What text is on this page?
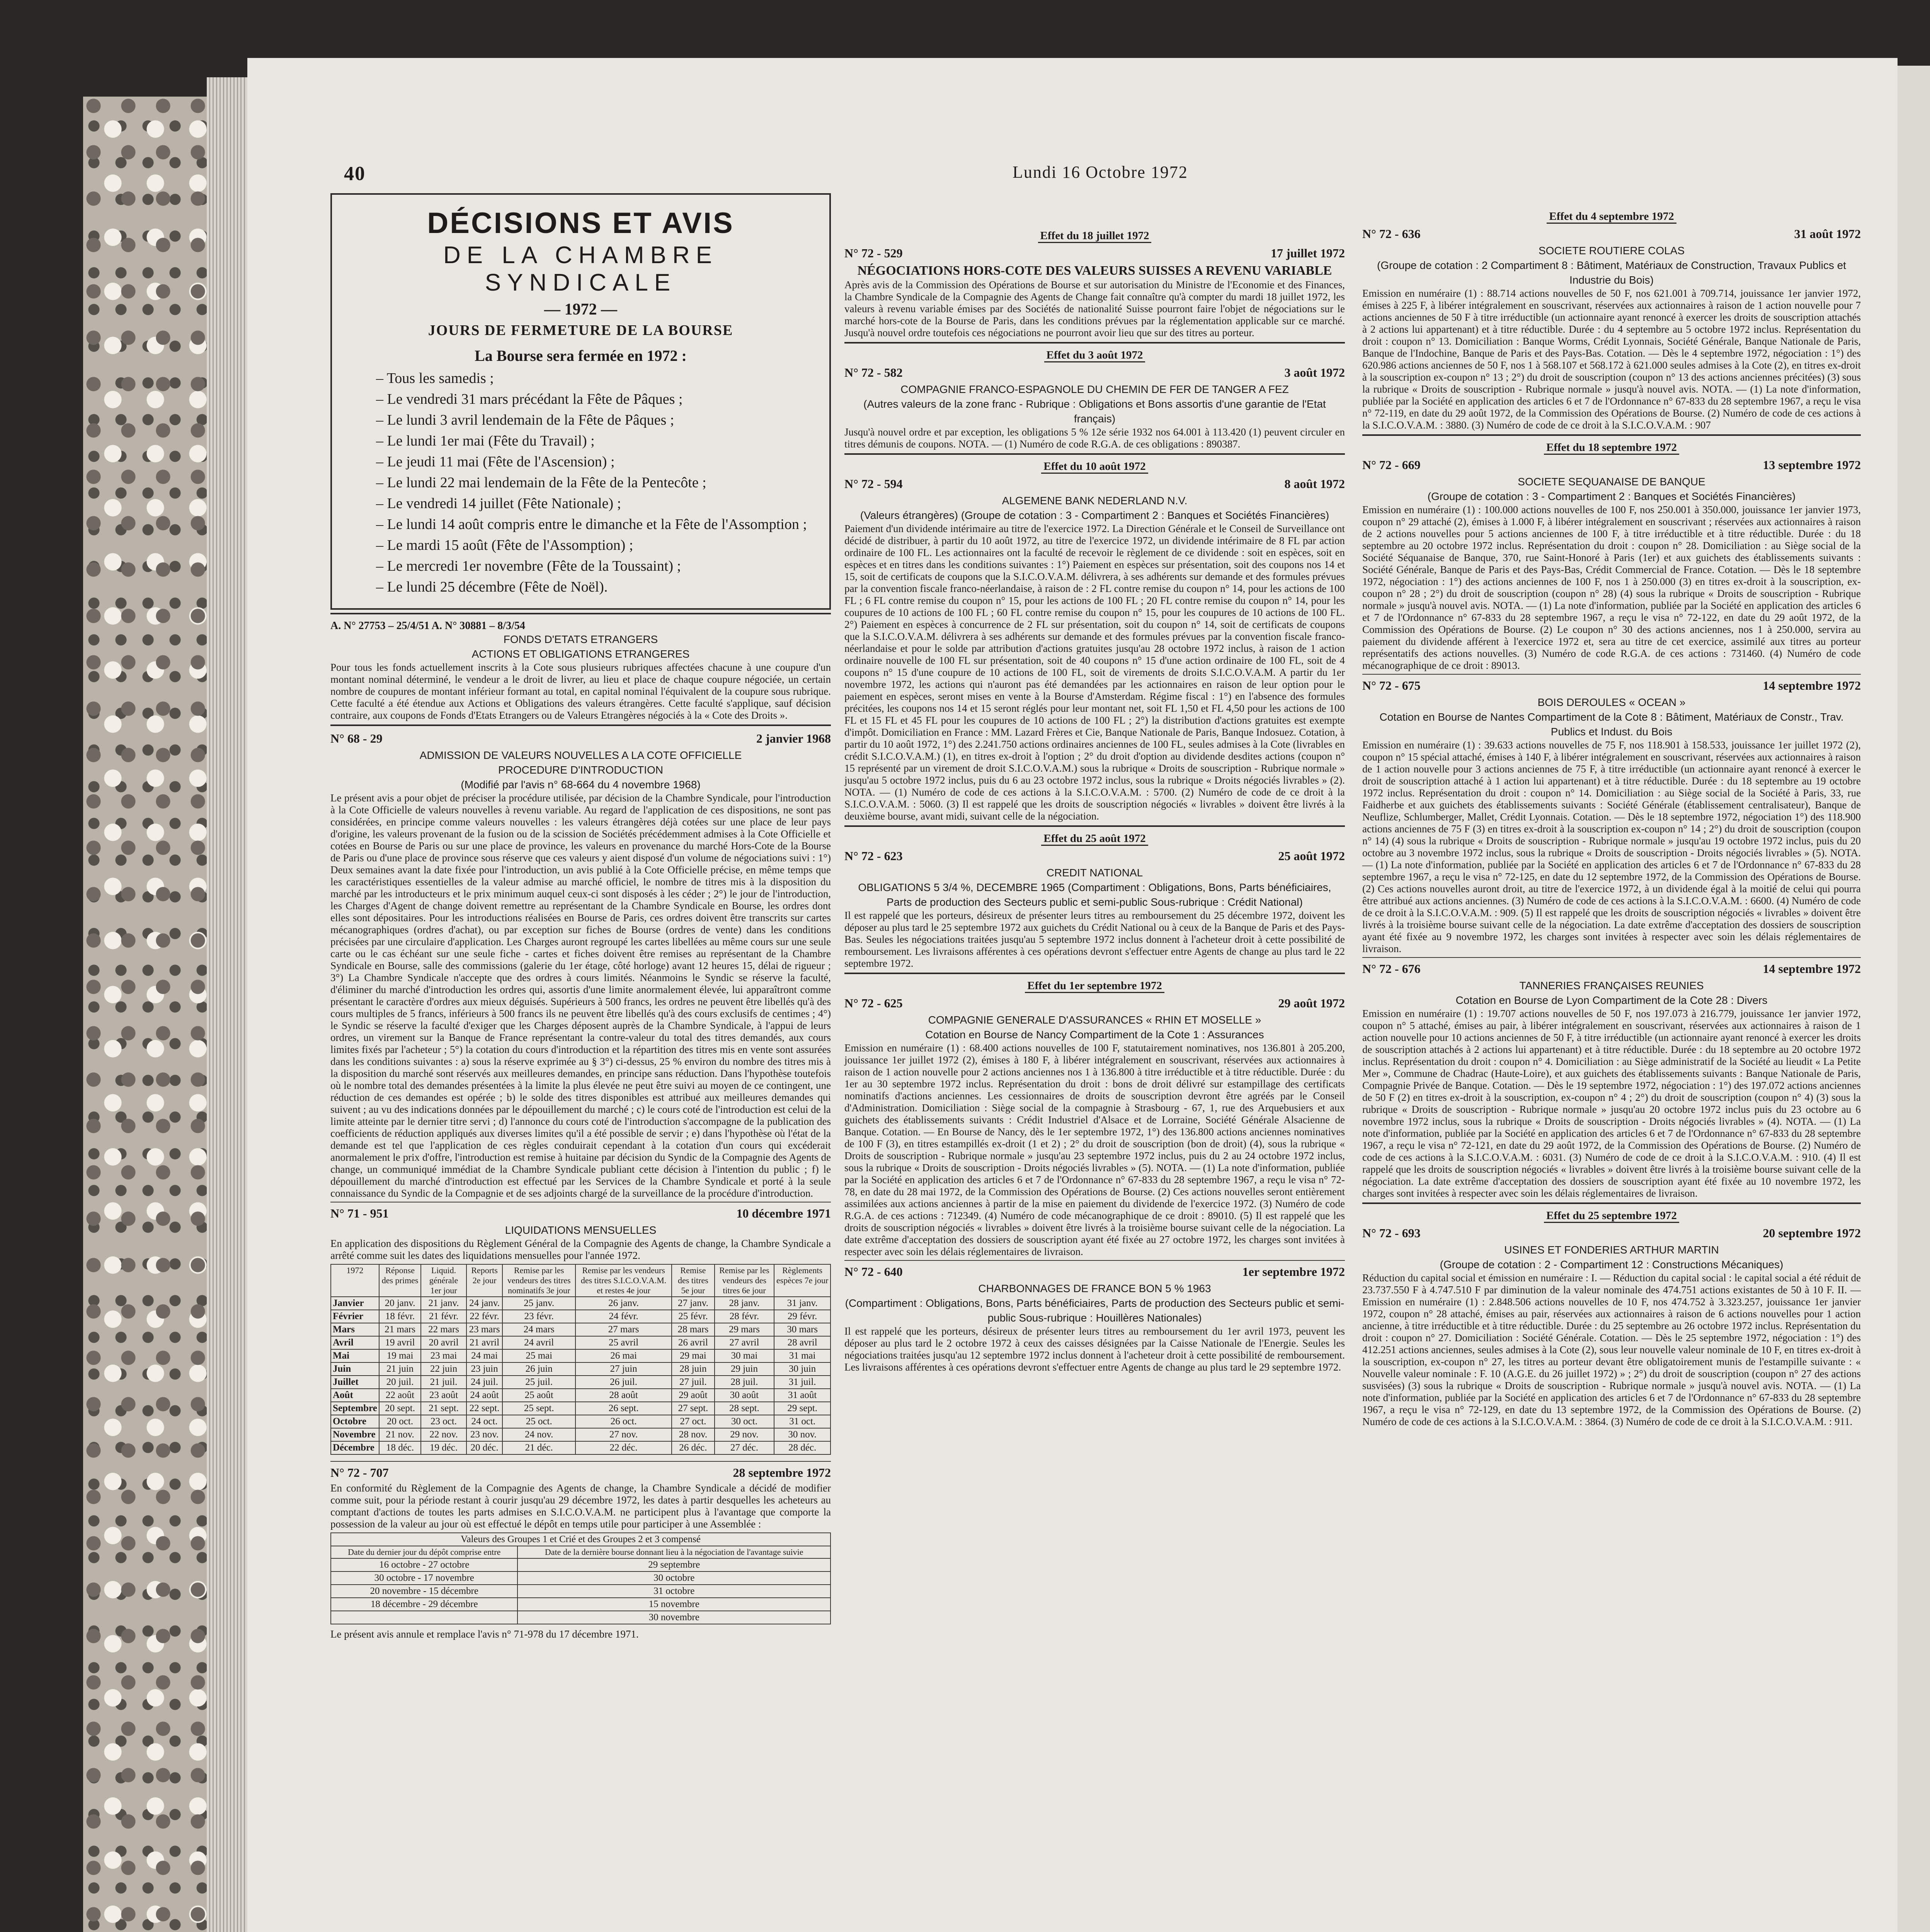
40	Lundi 16 Octobre 1972
DÉCISIONS ET AVIS
DE LA CHAMBRE SYNDICALE
— 1972 —
JOURS DE FERMETURE DE LA BOURSE
La Bourse sera fermée en 1972 :
– Tous les samedis ;
– Le vendredi 31 mars précédant la Fête de Pâques ;
– Le lundi 3 avril lendemain de la Fête de Pâques ;
– Le lundi 1er mai (Fête du Travail) ;
– Le jeudi 11 mai (Fête de l'Ascension) ;
– Le lundi 22 mai lendemain de la Fête de la Pentecôte ;
– Le vendredi 14 juillet (Fête Nationale) ;
– Le lundi 14 août compris entre le dimanche et la Fête de l'Assomption ;
– Le mardi 15 août (Fête de l'Assomption) ;
– Le mercredi 1er novembre (Fête de la Toussaint) ;
– Le lundi 25 décembre (Fête de Noël).
A. N° 27753 – 25/4/51 A. N° 30881 – 8/3/54
FONDS D'ETATS ETRANGERS
ACTIONS ET OBLIGATIONS ETRANGERES

Pour tous les fonds actuellement inscrits à la Cote sous plusieurs rubriques affectées chacune à une coupure d'un montant nominal déterminé, le vendeur a le droit de livrer, au lieu et place de chaque coupure négociée, un certain nombre de coupures de montant inférieur formant au total, en capital nominal l'équivalent de la coupure sous rubrique. Cette faculté a été étendue aux Actions et Obligations des valeurs étrangères. Cette faculté s'applique, sauf décision contraire, aux coupons de Fonds d'Etats Etrangers ou de Valeurs Etrangères négociés à la « Cote des Droits ».

N° 68 - 29	2 janvier 1968
ADMISSION DE VALEURS NOUVELLES A LA COTE OFFICIELLE
PROCEDURE D'INTRODUCTION
(Modifié par l'avis n° 68-664 du 4 novembre 1968)

Le présent avis a pour objet de préciser la procédure utilisée, par décision de la Chambre Syndicale, pour l'introduction à la Cote Officielle de valeurs nouvelles à revenu variable. Au regard de l'application de ces dispositions, ne sont pas considérées, en principe comme valeurs nouvelles : les valeurs étrangères déjà cotées sur une place de leur pays d'origine, les valeurs provenant de la fusion ou de la scission de Sociétés précédemment admises à la Cote Officielle et cotées en Bourse de Paris ou sur une place de province, les valeurs en provenance du marché Hors-Cote de la Bourse de Paris ou d'une place de province sous réserve que ces valeurs y aient disposé d'un volume de négociations suivi : 1°) Deux semaines avant la date fixée pour l'introduction, un avis publié à la Cote Officielle précise, en même temps que les caractéristiques essentielles de la valeur admise au marché officiel, le nombre de titres mis à la disposition du marché par les introducteurs et le prix minimum auquel ceux-ci sont disposés à les céder ; 2°) le jour de l'introduction, les Charges d'Agent de change doivent remettre au représentant de la Chambre Syndicale en Bourse, les ordres dont elles sont dépositaires. Pour les introductions réalisées en Bourse de Paris, ces ordres doivent être transcrits sur cartes mécanographiques (ordres d'achat), ou par exception sur fiches de Bourse (ordres de vente) dans les conditions précisées par une circulaire d'application. Les Charges auront regroupé les cartes libellées au même cours sur une seule carte ou le cas échéant sur une seule fiche - cartes et fiches doivent être remises au représentant de la Chambre Syndicale en Bourse, salle des commissions (galerie du 1er étage, côté horloge) avant 12 heures 15, délai de rigueur ; 3°) La Chambre Syndicale n'accepte que des ordres à cours limités. Néanmoins le Syndic se réserve la faculté, d'éliminer du marché d'introduction les ordres qui, assortis d'une limite anormalement élevée, lui apparaîtront comme présentant le caractère d'ordres aux mieux déguisés. Supérieurs à 500 francs, les ordres ne peuvent être libellés qu'à des cours multiples de 5 francs, inférieurs à 500 francs ils ne peuvent être libellés qu'à des cours exclusifs de centimes ; 4°) le Syndic se réserve la faculté d'exiger que les Charges déposent auprès de la Chambre Syndicale, à l'appui de leurs ordres, un virement sur la Banque de France représentant la contre-valeur du total des titres demandés, aux cours limites fixés par l'acheteur ; 5°) la cotation du cours d'introduction et la répartition des titres mis en vente sont assurées dans les conditions suivantes : a) sous la réserve exprimée au § 3°) ci-dessus, 25 % environ du nombre des titres mis à la disposition du marché sont réservés aux meilleures demandes, en principe sans réduction. Dans l'hypothèse toutefois où le nombre total des demandes présentées à la limite la plus élevée ne peut être suivi au moyen de ce contingent, une réduction de ces demandes est opérée ; b) le solde des titres disponibles est attribué aux meilleures demandes qui suivent ; au vu des indications données par le dépouillement du marché ; c) le cours coté de l'introduction est celui de la limite atteinte par le dernier titre servi ; d) l'annonce du cours coté de l'introduction s'accompagne de la publication des coefficients de réduction appliqués aux diverses limites qu'il a été possible de servir ; e) dans l'hypothèse où l'état de la demande est tel que l'application de ces règles conduirait cependant à la cotation d'un cours qui excéderait anormalement le prix d'offre, l'introduction est remise à huitaine par décision du Syndic de la Compagnie des Agents de change, un communiqué immédiat de la Chambre Syndicale publiant cette décision à l'intention du public ; f) le dépouillement du marché d'introduction est effectué par les Services de la Chambre Syndicale et porté à la seule connaissance du Syndic de la Compagnie et de ses adjoints chargé de la surveillance de la procédure d'introduction.

N° 71 - 951	10 décembre 1971
LIQUIDATIONS MENSUELLES

En application des dispositions du Règlement Général de la Compagnie des Agents de change, la Chambre Syndicale a arrêté comme suit les dates des liquidations mensuelles pour l'année 1972.

1972	Réponse des primes	Liquid. générale 1er jour	Reports 2e jour	Remise par les vendeurs des titres nominatifs 3e jour	Remise par les vendeurs des titres S.I.C.O.V.A.M. et restes 4e jour	Remise des titres 5e jour	Remise par les vendeurs des titres 6e jour	Règlements espèces 7e jour
Janvier	20 janv.	21 janv.	24 janv.	25 janv.	26 janv.	27 janv.	28 janv.	31 janv.
Février	18 févr.	21 févr.	22 févr.	23 févr.	24 févr.	25 févr.	28 févr.	29 févr.
Mars	21 mars	22 mars	23 mars	24 mars	27 mars	28 mars	29 mars	30 mars
Avril	19 avril	20 avril	21 avril	24 avril	25 avril	26 avril	27 avril	28 avril
Mai	19 mai	23 mai	24 mai	25 mai	26 mai	29 mai	30 mai	31 mai
Juin	21 juin	22 juin	23 juin	26 juin	27 juin	28 juin	29 juin	30 juin
Juillet	20 juil.	21 juil.	24 juil.	25 juil.	26 juil.	27 juil.	28 juil.	31 juil.
Août	22 août	23 août	24 août	25 août	28 août	29 août	30 août	31 août
Septembre	20 sept.	21 sept.	22 sept.	25 sept.	26 sept.	27 sept.	28 sept.	29 sept.
Octobre	20 oct.	23 oct.	24 oct.	25 oct.	26 oct.	27 oct.	30 oct.	31 oct.
Novembre	21 nov.	22 nov.	23 nov.	24 nov.	27 nov.	28 nov.	29 nov.	30 nov.
Décembre	18 déc.	19 déc.	20 déc.	21 déc.	22 déc.	26 déc.	27 déc.	28 déc.
N° 72 - 707	28 septembre 1972

En conformité du Règlement de la Compagnie des Agents de change, la Chambre Syndicale a décidé de modifier comme suit, pour la période restant à courir jusqu'au 29 décembre 1972, les dates à partir desquelles les acheteurs au comptant d'actions de toutes les parts admises en S.I.C.O.V.A.M. ne participent plus à l'avantage que comporte la possession de la valeur au jour où est effectué le dépôt en temps utile pour participer à une Assemblée :

Valeurs des Groupes 1 et Crié et des Groupes 2 et 3 compensé	
Date du dernier jour du dépôt comprise entre	Date de la dernière bourse donnant lieu à la négociation de l'avantage suivie
16 octobre - 27 octobre	29 septembre
30 octobre - 17 novembre	30 octobre
20 novembre - 15 décembre	31 octobre
18 décembre - 29 décembre	15 novembre
	30 novembre

Le présent avis annule et remplace l'avis n° 71-978 du 17 décembre 1971.

Effet du 18 juillet 1972
N° 72 - 529	17 juillet 1972
NÉGOCIATIONS HORS-COTE DES VALEURS SUISSES A REVENU VARIABLE

Après avis de la Commission des Opérations de Bourse et sur autorisation du Ministre de l'Economie et des Finances, la Chambre Syndicale de la Compagnie des Agents de Change fait connaître qu'à compter du mardi 18 juillet 1972, les valeurs à revenu variable émises par des Sociétés de nationalité Suisse pourront faire l'objet de négociations sur le marché hors-cote de la Bourse de Paris, dans les conditions prévues par la réglementation applicable sur ce marché. Jusqu'à nouvel ordre toutefois ces négociations ne pourront avoir lieu que sur des titres au porteur.

Effet du 3 août 1972
N° 72 - 582	3 août 1972
COMPAGNIE FRANCO-ESPAGNOLE DU CHEMIN DE FER DE TANGER A FEZ
(Autres valeurs de la zone franc - Rubrique : Obligations et Bons assortis d'une garantie de l'Etat français)

Jusqu'à nouvel ordre et par exception, les obligations 5 % 12e série 1932 nos 64.001 à 113.420 (1) peuvent circuler en titres démunis de coupons. NOTA. — (1) Numéro de code R.G.A. de ces obligations : 890387.

Effet du 10 août 1972
N° 72 - 594	8 août 1972
ALGEMENE BANK NEDERLAND N.V.
(Valeurs étrangères) (Groupe de cotation : 3 - Compartiment 2 : Banques et Sociétés Financières)

Paiement d'un dividende intérimaire au titre de l'exercice 1972. La Direction Générale et le Conseil de Surveillance ont décidé de distribuer, à partir du 10 août 1972, au titre de l'exercice 1972, un dividende intérimaire de 8 FL par action ordinaire de 100 FL. Les actionnaires ont la faculté de recevoir le règlement de ce dividende : soit en espèces, soit en espèces et en titres dans les conditions suivantes : 1°) Paiement en espèces sur présentation, soit des coupons nos 14 et 15, soit de certificats de coupons que la S.I.C.O.V.A.M. délivrera, à ses adhérents sur demande et des formules prévues par la convention fiscale franco-néerlandaise, à raison de : 2 FL contre remise du coupon n° 14, pour les actions de 100 FL ; 6 FL contre remise du coupon n° 15, pour les actions de 100 FL ; 20 FL contre remise du coupon n° 14, pour les coupures de 10 actions de 100 FL ; 60 FL contre remise du coupon n° 15, pour les coupures de 10 actions de 100 FL. 2°) Paiement en espèces à concurrence de 2 FL sur présentation, soit du coupon n° 14, soit de certificats de coupons que la S.I.C.O.V.A.M. délivrera à ses adhérents sur demande et des formules prévues par la convention fiscale franco-néerlandaise et pour le solde par attribution d'actions gratuites jusqu'au 28 octobre 1972 inclus, à raison de 1 action ordinaire nouvelle de 100 FL sur présentation, soit de 40 coupons n° 15 d'une action ordinaire de 100 FL, soit de 4 coupons n° 15 d'une coupure de 10 actions de 100 FL, soit de virements de droits S.I.C.O.V.A.M. A partir du 1er novembre 1972, les actions qui n'auront pas été demandées par les actionnaires en raison de leur option pour le paiement en espèces, seront mises en vente à la Bourse d'Amsterdam. Régime fiscal : 1°) en l'absence des formules précitées, les coupons nos 14 et 15 seront réglés pour leur montant net, soit FL 1,50 et FL 4,50 pour les actions de 100 FL et 15 FL et 45 FL pour les coupures de 10 actions de 100 FL ; 2°) la distribution d'actions gratuites est exempte d'impôt. Domiciliation en France : MM. Lazard Frères et Cie, Banque Nationale de Paris, Banque Indosuez. Cotation, à partir du 10 août 1972, 1°) des 2.241.750 actions ordinaires anciennes de 100 FL, seules admises à la Cote (livrables en crédit S.I.C.O.V.A.M.) (1), en titres ex-droit à l'option ; 2° du droit d'option au dividende desdites actions (coupon n° 15 représenté par un virement de droit S.I.C.O.V.A.M.) sous la rubrique « Droits de souscription - Rubrique normale » jusqu'au 5 octobre 1972 inclus, puis du 6 au 23 octobre 1972 inclus, sous la rubrique « Droits négociés livrables » (2). NOTA. — (1) Numéro de code de ces actions à la S.I.C.O.V.A.M. : 5700. (2) Numéro de code de ce droit à la S.I.C.O.V.A.M. : 5060. (3) Il est rappelé que les droits de souscription négociés « livrables » doivent être livrés à la deuxième bourse, avant midi, suivant celle de la négociation.

Effet du 25 août 1972
N° 72 - 623	25 août 1972
CREDIT NATIONAL
OBLIGATIONS 5 3/4 %, DECEMBRE 1965 (Compartiment : Obligations, Bons, Parts bénéficiaires, Parts de production des Secteurs public et semi-public Sous-rubrique : Crédit National)

Il est rappelé que les porteurs, désireux de présenter leurs titres au remboursement du 25 décembre 1972, doivent les déposer au plus tard le 25 septembre 1972 aux guichets du Crédit National ou à ceux de la Banque de Paris et des Pays-Bas. Seules les négociations traitées jusqu'au 5 septembre 1972 inclus donnent à l'acheteur droit à cette possibilité de remboursement. Les livraisons afférentes à ces opérations devront s'effectuer entre Agents de change au plus tard le 22 septembre 1972.

Effet du 1er septembre 1972
N° 72 - 625	29 août 1972
COMPAGNIE GENERALE D'ASSURANCES « RHIN ET MOSELLE »
Cotation en Bourse de Nancy Compartiment de la Cote 1 : Assurances

Emission en numéraire (1) : 68.400 actions nouvelles de 100 F, statutairement nominatives, nos 136.801 à 205.200, jouissance 1er juillet 1972 (2), émises à 180 F, à libérer intégralement en souscrivant, réservées aux actionnaires à raison de 1 action nouvelle pour 2 actions anciennes nos 1 à 136.800 à titre irréductible et à titre réductible. Durée : du 1er au 30 septembre 1972 inclus. Représentation du droit : bons de droit délivré sur estampillage des certificats nominatifs d'actions anciennes. Les cessionnaires de droits de souscription devront être agréés par le Conseil d'Administration. Domiciliation : Siège social de la compagnie à Strasbourg - 67, 1, rue des Arquebusiers et aux guichets des établissements suivants : Crédit Industriel d'Alsace et de Lorraine, Société Générale Alsacienne de Banque. Cotation. — En Bourse de Nancy, dès le 1er septembre 1972, 1°) des 136.800 actions anciennes nominatives de 100 F (3), en titres estampillés ex-droit (1 et 2) ; 2° du droit de souscription (bon de droit) (4), sous la rubrique « Droits de souscription - Rubrique normale » jusqu'au 23 septembre 1972 inclus, puis du 2 au 24 octobre 1972 inclus, sous la rubrique « Droits de souscription - Droits négociés livrables » (5). NOTA. — (1) La note d'information, publiée par la Société en application des articles 6 et 7 de l'Ordonnance n° 67-833 du 28 septembre 1967, a reçu le visa n° 72-78, en date du 28 mai 1972, de la Commission des Opérations de Bourse. (2) Ces actions nouvelles seront entièrement assimilées aux actions anciennes à partir de la mise en paiement du dividende de l'exercice 1972. (3) Numéro de code R.G.A. de ces actions : 712349. (4) Numéro de code mécanographique de ce droit : 89010. (5) Il est rappelé que les droits de souscription négociés « livrables » doivent être livrés à la troisième bourse suivant celle de la négociation. La date extrême d'acceptation des dossiers de souscription ayant été fixée au 27 octobre 1972, les charges sont invitées à respecter avec soin les délais réglementaires de livraison.

N° 72 - 640	1er septembre 1972
CHARBONNAGES DE FRANCE BON 5 % 1963
(Compartiment : Obligations, Bons, Parts bénéficiaires, Parts de production des Secteurs public et semi-public Sous-rubrique : Houillères Nationales)

Il est rappelé que les porteurs, désireux de présenter leurs titres au remboursement du 1er avril 1973, peuvent les déposer au plus tard le 2 octobre 1972 à ceux des caisses désignées par la Caisse Nationale de l'Energie. Seules les négociations traitées jusqu'au 12 septembre 1972 inclus donnent à l'acheteur droit à cette possibilité de remboursement. Les livraisons afférentes à ces opérations devront s'effectuer entre Agents de change au plus tard le 29 septembre 1972.

Effet du 4 septembre 1972
N° 72 - 636	31 août 1972
SOCIETE ROUTIERE COLAS
(Groupe de cotation : 2 Compartiment 8 : Bâtiment, Matériaux de Construction, Travaux Publics et Industrie du Bois)

Emission en numéraire (1) : 88.714 actions nouvelles de 50 F, nos 621.001 à 709.714, jouissance 1er janvier 1972, émises à 225 F, à libérer intégralement en souscrivant, réservées aux actionnaires à raison de 1 action nouvelle pour 7 actions anciennes de 50 F à titre irréductible (un actionnaire ayant renoncé à exercer les droits de souscription attachés à 2 actions lui appartenant) et à titre réductible. Durée : du 4 septembre au 5 octobre 1972 inclus. Représentation du droit : coupon n° 13. Domiciliation : Banque Worms, Crédit Lyonnais, Société Générale, Banque Nationale de Paris, Banque de l'Indochine, Banque de Paris et des Pays-Bas. Cotation. — Dès le 4 septembre 1972, négociation : 1°) des 620.986 actions anciennes de 50 F, nos 1 à 568.107 et 568.172 à 621.000 seules admises à la Cote (2), en titres ex-droit à la souscription ex-coupon n° 13 ; 2°) du droit de souscription (coupon n° 13 des actions anciennes précitées) (3) sous la rubrique « Droits de souscription - Rubrique normale » jusqu'à nouvel avis. NOTA. — (1) La note d'information, publiée par la Société en application des articles 6 et 7 de l'Ordonnance n° 67-833 du 28 septembre 1967, a reçu le visa n° 72-119, en date du 29 août 1972, de la Commission des Opérations de Bourse. (2) Numéro de code de ces actions à la S.I.C.O.V.A.M. : 3880. (3) Numéro de code de ce droit à la S.I.C.O.V.A.M. : 907

Effet du 18 septembre 1972
N° 72 - 669	13 septembre 1972
SOCIETE SEQUANAISE DE BANQUE
(Groupe de cotation : 3 - Compartiment 2 : Banques et Sociétés Financières)

Emission en numéraire (1) : 100.000 actions nouvelles de 100 F, nos 250.001 à 350.000, jouissance 1er janvier 1973, coupon n° 29 attaché (2), émises à 1.000 F, à libérer intégralement en souscrivant ; réservées aux actionnaires à raison de 2 actions nouvelles pour 5 actions anciennes de 100 F, à titre irréductible et à titre réductible. Durée : du 18 septembre au 20 octobre 1972 inclus. Représentation du droit : coupon n° 28. Domiciliation : au Siège social de la Société Séquanaise de Banque, 370, rue Saint-Honoré à Paris (1er) et aux guichets des établissements suivants : Société Générale, Banque de Paris et des Pays-Bas, Crédit Commercial de France. Cotation. — Dès le 18 septembre 1972, négociation : 1°) des actions anciennes de 100 F, nos 1 à 250.000 (3) en titres ex-droit à la souscription, ex-coupon n° 28 ; 2°) du droit de souscription (coupon n° 28) (4) sous la rubrique « Droits de souscription - Rubrique normale » jusqu'à nouvel avis. NOTA. — (1) La note d'information, publiée par la Société en application des articles 6 et 7 de l'Ordonnance n° 67-833 du 28 septembre 1967, a reçu le visa n° 72-122, en date du 29 août 1972, de la Commission des Opérations de Bourse. (2) Le coupon n° 30 des actions anciennes, nos 1 à 250.000, servira au paiement du dividende afférent à l'exercice 1972 et, sera au titre de cet exercice, assimilé aux titres au porteur représentatifs des actions nouvelles. (3) Numéro de code R.G.A. de ces actions : 731460. (4) Numéro de code mécanographique de ce droit : 89013.

N° 72 - 675	14 septembre 1972
BOIS DEROULES « OCEAN »
Cotation en Bourse de Nantes Compartiment de la Cote 8 : Bâtiment, Matériaux de Constr., Trav. Publics et Indust. du Bois

Emission en numéraire (1) : 39.633 actions nouvelles de 75 F, nos 118.901 à 158.533, jouissance 1er juillet 1972 (2), coupon n° 15 spécial attaché, émises à 140 F, à libérer intégralement en souscrivant, réservées aux actionnaires à raison de 1 action nouvelle pour 3 actions anciennes de 75 F, à titre irréductible (un actionnaire ayant renoncé à exercer le droit de souscription attaché à 1 action lui appartenant) et à titre réductible. Durée : du 18 septembre au 19 octobre 1972 inclus. Représentation du droit : coupon n° 14. Domiciliation : au Siège social de la Société à Paris, 33, rue Faidherbe et aux guichets des établissements suivants : Société Générale (établissement centralisateur), Banque de Neuflize, Schlumberger, Mallet, Crédit Lyonnais. Cotation. — Dès le 18 septembre 1972, négociation 1°) des 118.900 actions anciennes de 75 F (3) en titres ex-droit à la souscription ex-coupon n° 14 ; 2°) du droit de souscription (coupon n° 14) (4) sous la rubrique « Droits de souscription - Rubrique normale » jusqu'au 19 octobre 1972 inclus, puis du 20 octobre au 3 novembre 1972 inclus, sous la rubrique « Droits de souscription - Droits négociés livrables » (5). NOTA. — (1) La note d'information, publiée par la Société en application des articles 6 et 7 de l'Ordonnance n° 67-833 du 28 septembre 1967, a reçu le visa n° 72-125, en date du 12 septembre 1972, de la Commission des Opérations de Bourse. (2) Ces actions nouvelles auront droit, au titre de l'exercice 1972, à un dividende égal à la moitié de celui qui pourra être attribué aux actions anciennes. (3) Numéro de code de ces actions à la S.I.C.O.V.A.M. : 6600. (4) Numéro de code de ce droit à la S.I.C.O.V.A.M. : 909. (5) Il est rappelé que les droits de souscription négociés « livrables » doivent être livrés à la troisième bourse suivant celle de la négociation. La date extrême d'acceptation des dossiers de souscription ayant été fixée au 9 novembre 1972, les charges sont invitées à respecter avec soin les délais réglementaires de livraison.

N° 72 - 676	14 septembre 1972
TANNERIES FRANÇAISES REUNIES
Cotation en Bourse de Lyon Compartiment de la Cote 28 : Divers

Emission en numéraire (1) : 19.707 actions nouvelles de 50 F, nos 197.073 à 216.779, jouissance 1er janvier 1972, coupon n° 5 attaché, émises au pair, à libérer intégralement en souscrivant, réservées aux actionnaires à raison de 1 action nouvelle pour 10 actions anciennes de 50 F, à titre irréductible (un actionnaire ayant renoncé à exercer les droits de souscription attachés à 2 actions lui appartenant) et à titre réductible. Durée : du 18 septembre au 20 octobre 1972 inclus. Représentation du droit : coupon n° 4. Domiciliation : au Siège administratif de la Société au lieudit « La Petite Mer », Commune de Chadrac (Haute-Loire), et aux guichets des établissements suivants : Banque Nationale de Paris, Compagnie Privée de Banque. Cotation. — Dès le 19 septembre 1972, négociation : 1°) des 197.072 actions anciennes de 50 F (2) en titres ex-droit à la souscription, ex-coupon n° 4 ; 2°) du droit de souscription (coupon n° 4) (3) sous la rubrique « Droits de souscription - Rubrique normale » jusqu'au 20 octobre 1972 inclus puis du 23 octobre au 6 novembre 1972 inclus, sous la rubrique « Droits de souscription - Droits négociés livrables » (4). NOTA. — (1) La note d'information, publiée par la Société en application des articles 6 et 7 de l'Ordonnance n° 67-833 du 28 septembre 1967, a reçu le visa n° 72-121, en date du 29 août 1972, de la Commission des Opérations de Bourse. (2) Numéro de code de ces actions à la S.I.C.O.V.A.M. : 6031. (3) Numéro de code de ce droit à la S.I.C.O.V.A.M. : 910. (4) Il est rappelé que les droits de souscription négociés « livrables » doivent être livrés à la troisième bourse suivant celle de la négociation. La date extrême d'acceptation des dossiers de souscription ayant été fixée au 10 novembre 1972, les charges sont invitées à respecter avec soin les délais réglementaires de livraison.

Effet du 25 septembre 1972
N° 72 - 693	20 septembre 1972
USINES ET FONDERIES ARTHUR MARTIN
(Groupe de cotation : 2 - Compartiment 12 : Constructions Mécaniques)

Réduction du capital social et émission en numéraire : I. — Réduction du capital social : le capital social a été réduit de 23.737.550 F à 4.747.510 F par diminution de la valeur nominale des 474.751 actions existantes de 50 à 10 F. II. — Emission en numéraire (1) : 2.848.506 actions nouvelles de 10 F, nos 474.752 à 3.323.257, jouissance 1er janvier 1972, coupon n° 28 attaché, émises au pair, réservées aux actionnaires à raison de 6 actions nouvelles pour 1 action ancienne, à titre irréductible et à titre réductible. Durée : du 25 septembre au 26 octobre 1972 inclus. Représentation du droit : coupon n° 27. Domiciliation : Société Générale. Cotation. — Dès le 25 septembre 1972, négociation : 1°) des 412.251 actions anciennes, seules admises à la Cote (2), sous leur nouvelle valeur nominale de 10 F, en titres ex-droit à la souscription, ex-coupon n° 27, les titres au porteur devant être obligatoirement munis de l'estampille suivante : « Nouvelle valeur nominale : F. 10 (A.G.E. du 26 juillet 1972) » ; 2°) du droit de souscription (coupon n° 27 des actions susvisées) (3) sous la rubrique « Droits de souscription - Rubrique normale » jusqu'à nouvel avis. NOTA. — (1) La note d'information, publiée par la Société en application des articles 6 et 7 de l'Ordonnance n° 67-833 du 28 septembre 1967, a reçu le visa n° 72-129, en date du 13 septembre 1972, de la Commission des Opérations de Bourse. (2) Numéro de code de ces actions à la S.I.C.O.V.A.M. : 3864. (3) Numéro de code de ce droit à la S.I.C.O.V.A.M. : 911.
